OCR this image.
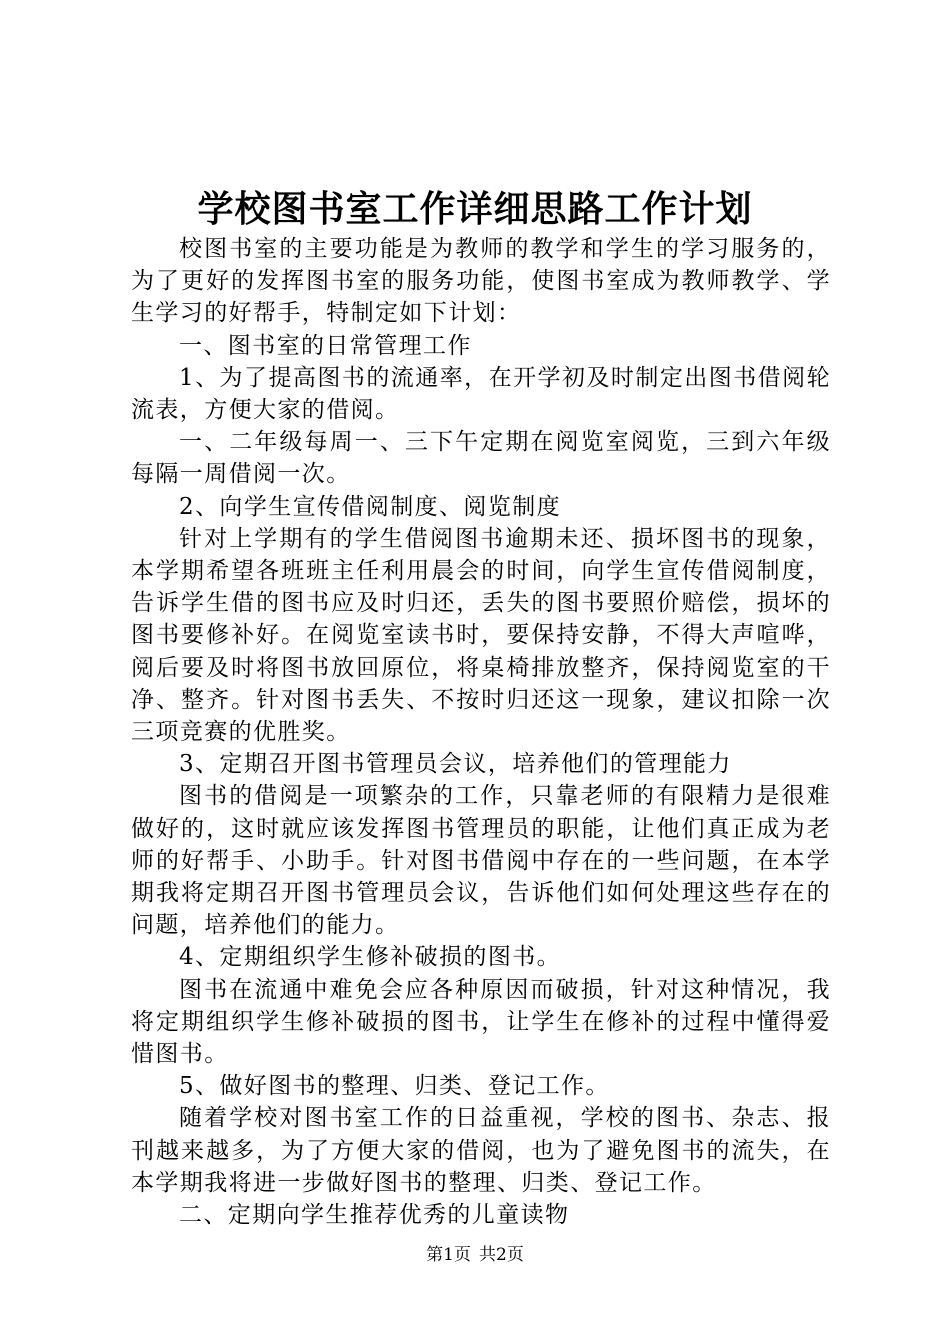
学校图书室工作详细思路工作计划

校图书室的主要功能是为教师的教学和学生的学习服务的，为了更好的发挥图书室的服务功能，使图书室成为教师教学、学生学习的好帮手，特制定如下计划：

一、图书室的日常管理工作

1、为了提高图书的流通率，在开学初及时制定出图书借阅轮流表，方便大家的借阅。

一、二年级每周一、三下午定期在阅览室阅览，三到六年级每隔一周借阅一次。

2、向学生宣传借阅制度、阅览制度

针对上学期有的学生借阅图书逾期未还、损坏图书的现象，本学期希望各班班主任利用晨会的时间，向学生宣传借阅制度，告诉学生借的图书应及时归还，丢失的图书要照价赔偿，损坏的图书要修补好。在阅览室读书时，要保持安静，不得大声喧哗，阅后要及时将图书放回原位，将桌椅排放整齐，保持阅览室的干净、整齐。针对图书丢失、不按时归还这一现象，建议扣除一次三项竞赛的优胜奖。

3、定期召开图书管理员会议，培养他们的管理能力

图书的借阅是一项繁杂的工作，只靠老师的有限精力是很难做好的，这时就应该发挥图书管理员的职能，让他们真正成为老师的好帮手、小助手。针对图书借阅中存在的一些问题，在本学期我将定期召开图书管理员会议，告诉他们如何处理这些存在的问题，培养他们的能力。

4、定期组织学生修补破损的图书。

图书在流通中难免会应各种原因而破损，针对这种情况，我将定期组织学生修补破损的图书，让学生在修补的过程中懂得爱惜图书。

5、做好图书的整理、归类、登记工作。

随着学校对图书室工作的日益重视，学校的图书、杂志、报刊越来越多，为了方便大家的借阅，也为了避免图书的流失，在本学期我将进一步做好图书的整理、归类、登记工作。

二、定期向学生推荐优秀的儿童读物

第1页 共2页
